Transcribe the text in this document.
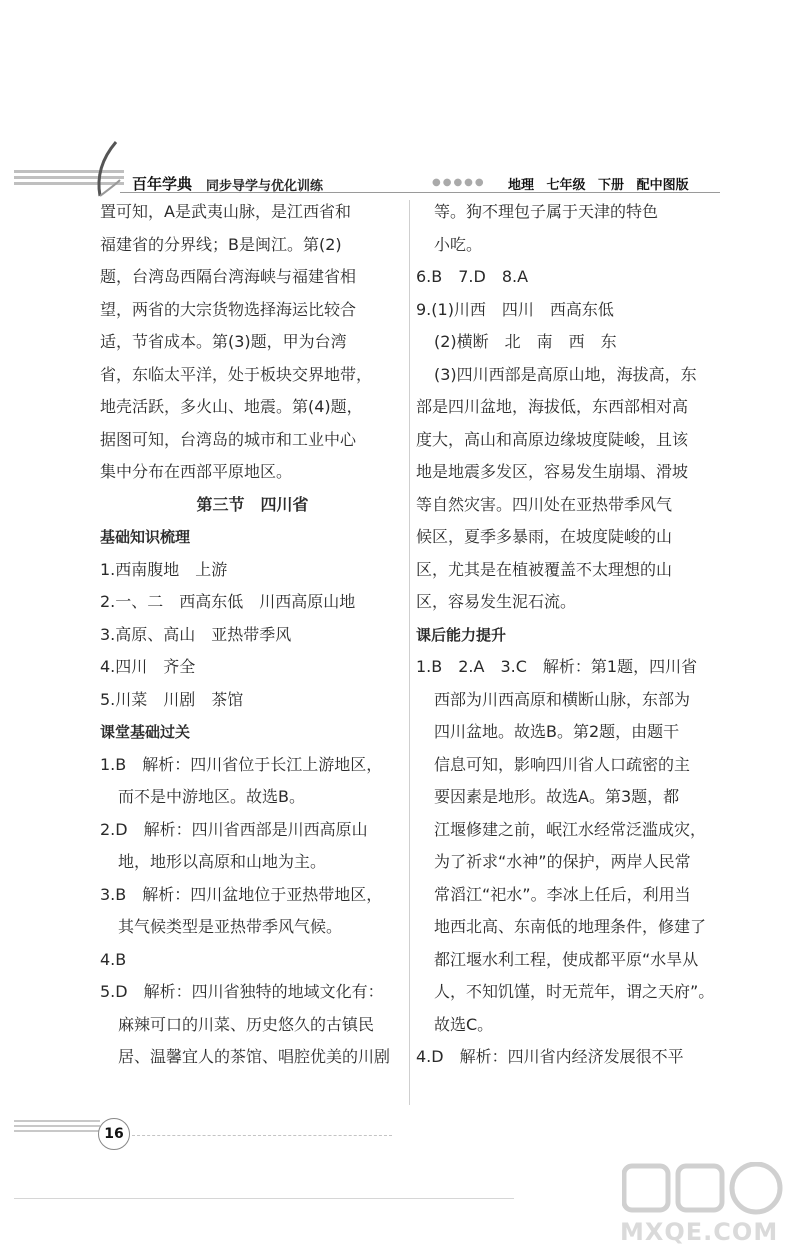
百年学典 同步导学与优化训练	●●●●● 地理 七年级 下册 配中图版
置可知，A是武夷山脉，是江西省和
福建省的分界线；B是闽江。第(2)
题，台湾岛西隔台湾海峡与福建省相
望，两省的大宗货物选择海运比较合
适，节省成本。第(3)题，甲为台湾
省，东临太平洋，处于板块交界地带，
地壳活跃，多火山、地震。第(4)题，
据图可知，台湾岛的城市和工业中心
集中分布在西部平原地区。
第三节　四川省
基础知识梳理
1.西南腹地　上游
2.一、二　西高东低　川西高原山地
3.高原、高山　亚热带季风
4.四川　齐全
5.川菜　川剧　茶馆
课堂基础过关
1.B　解析：四川省位于长江上游地区，
而不是中游地区。故选B。
2.D　解析：四川省西部是川西高原山
地，地形以高原和山地为主。
3.B　解析：四川盆地位于亚热带地区，
其气候类型是亚热带季风气候。
4.B
5.D　解析：四川省独特的地域文化有：
麻辣可口的川菜、历史悠久的古镇民
居、温馨宜人的茶馆、唱腔优美的川剧
等。狗不理包子属于天津的特色
小吃。
6.B　7.D　8.A
9.(1)川西　四川　西高东低
(2)横断　北　南　西　东
(3)四川西部是高原山地，海拔高，东
部是四川盆地，海拔低，东西部相对高
度大，高山和高原边缘坡度陡峻，且该
地是地震多发区，容易发生崩塌、滑坡
等自然灾害。四川处在亚热带季风气
候区，夏季多暴雨，在坡度陡峻的山
区，尤其是在植被覆盖不太理想的山
区，容易发生泥石流。
课后能力提升
1.B　2.A　3.C　解析：第1题，四川省
西部为川西高原和横断山脉，东部为
四川盆地。故选B。第2题，由题干
信息可知，影响四川省人口疏密的主
要因素是地形。故选A。第3题，都
江堰修建之前，岷江水经常泛滥成灾，
为了祈求“水神”的保护，两岸人民常
常滔江“祀水”。李冰上任后，利用当
地西北高、东南低的地理条件，修建了
都江堰水利工程，使成都平原“水旱从
人，不知饥馑，时无荒年，谓之天府”。
故选C。
4.D　解析：四川省内经济发展很不平
16
MXQE.COM
